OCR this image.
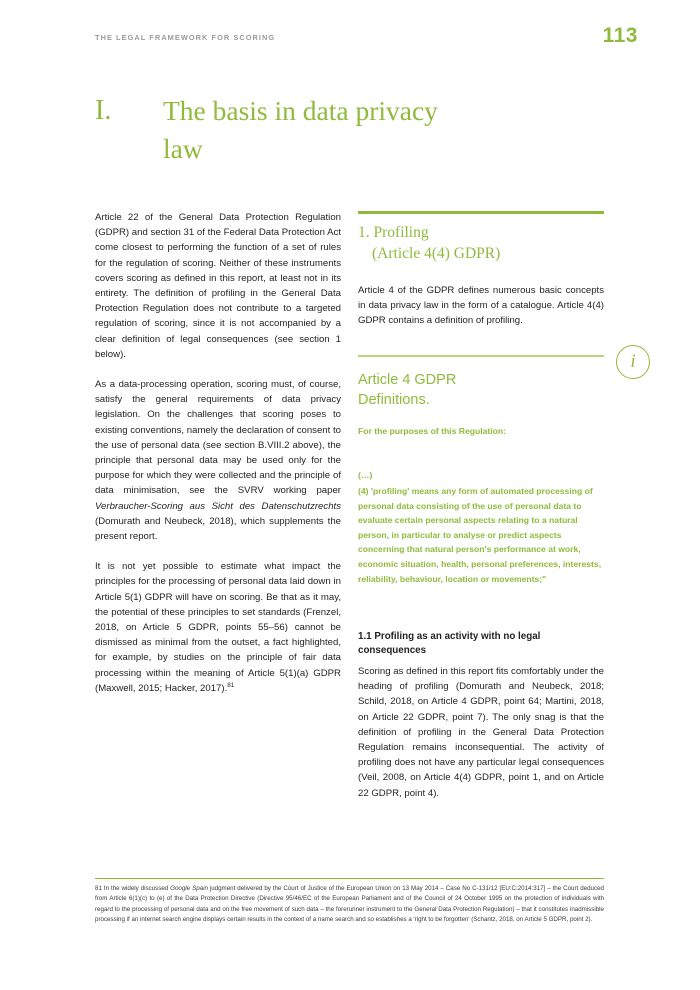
THE LEGAL FRAMEWORK FOR SCORING	113
I. The basis in data privacy law

Article 22 of the General Data Protection Regulation (GDPR) and section 31 of the Federal Data Protection Act come closest to performing the function of a set of rules for the regulation of scoring. Neither of these instruments covers scoring as defined in this report, at least not in its entirety. The definition of profiling in the General Data Protection Regulation does not contribute to a targeted regulation of scoring, since it is not accompanied by a clear definition of legal consequences (see section 1 below).

As a data-processing operation, scoring must, of course, satisfy the general requirements of data privacy legislation. On the challenges that scoring poses to existing conventions, namely the declaration of consent to the use of personal data (see section B.VIII.2 above), the principle that personal data may be used only for the purpose for which they were collected and the principle of data minimisation, see the SVRV working paper Verbraucher-Scoring aus Sicht des Datenschutzrechts (Domurath and Neubeck, 2018), which supplements the present report.

It is not yet possible to estimate what impact the principles for the processing of personal data laid down in Article 5(1) GDPR will have on scoring. Be that as it may, the potential of these principles to set standards (Frenzel, 2018, on Article 5 GDPR, points 55–56) cannot be dismissed as minimal from the outset, a fact highlighted, for example, by studies on the principle of fair data processing within the meaning of Article 5(1)(a) GDPR (Maxwell, 2015; Hacker, 2017).$^{81}$

1. Profiling
(Article 4(4) GDPR)
Article 4 of the GDPR defines numerous basic concepts in data privacy law in the form of a catalogue. Article 4(4) GDPR contains a definition of profiling.
i
Article 4 GDPR
Definitions.
For the purposes of this Regulation:
(…)
(4) 'profiling' means any form of automated processing of personal data consisting of the use of personal data to evaluate certain personal aspects relating to a natural person, in particular to analyse or predict aspects concerning that natural person's performance at work, economic situation, health, personal preferences, interests, reliability, behaviour, location or movements;"
1.1 Profiling as an activity with no legal consequences
Scoring as defined in this report fits comfortably under the heading of profiling (Domurath and Neubeck, 2018; Schild, 2018, on Article 4 GDPR, point 64; Martini, 2018, on Article 22 GDPR, point 7). The only snag is that the definition of profiling in the General Data Protection Regulation remains inconsequential. The activity of profiling does not have any particular legal consequences (Veil, 2008, on Article 4(4) GDPR, point 1, and on Article 22 GDPR, point 4).
81 In the widely discussed Google Spain judgment delivered by the Court of Justice of the European Union on 13 May 2014 – Case No C-131/12 [EU:C:2014:317] – the Court deduced from Article 6(1)(c) to (e) of the Data Protection Directive (Directive 95/46/EC of the European Parliament and of the Council of 24 October 1995 on the protection of individuals with regard to the processing of personal data and on the free movement of such data – the forerunner instrument to the General Data Protection Regulation) – that it constitutes inadmissible processing if an internet search engine displays certain results in the context of a name search and so establishes a 'right to be forgotten' (Schantz, 2018, on Article 5 GDPR, point 2).
